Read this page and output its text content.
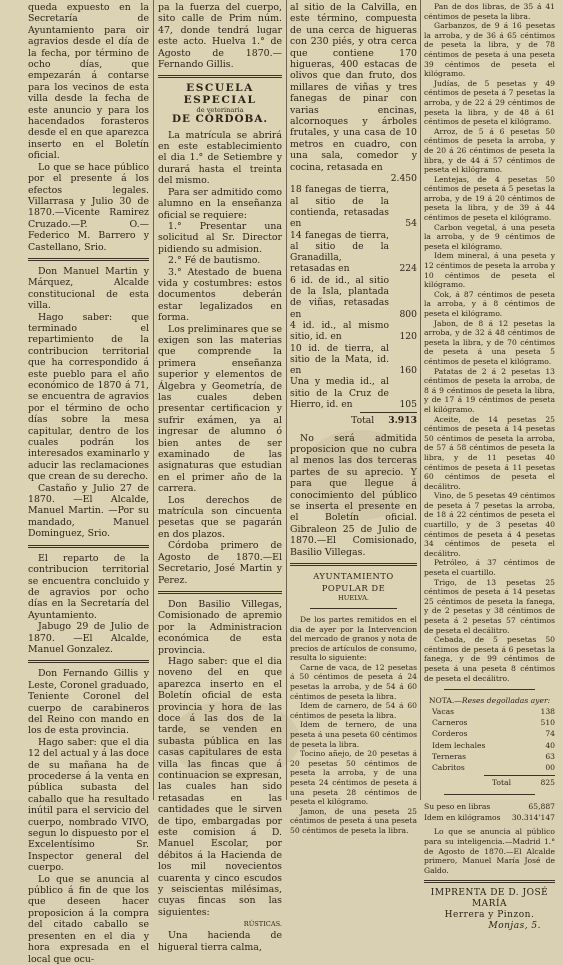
queda expuesto en la Secretaría de Ayuntamiento para oir agravios desde el día de la fecha, por término de ocho días, que empezarán á contarse para los vecinos de esta villa desde la fecha de este anuncio y para los hacendados forasteros desde el en que aparezca inserto en el Boletín oficial.

Lo que se hace público por el presente á los efectos legales. Villarrasa y Julio 30 de 1870.—Vicente Ramirez Cruzado.—P. O.—Federico M. Barrero y Castellano, Srio.

Don Manuel Martin y Márquez, Alcalde constitucional de esta villa.

Hago saber: que terminado el repartimiento de la contribucion territorial que ha correspondido á este pueblo para el año económico de 1870 á 71, se encuentra de agravios por el término de ocho días sobre la mesa capitular, dentro de los cuales podrán los interesados examinarlo y aducir las reclamaciones que crean de su derecho.

Castaño y Julio 27 de 1870. —El Alcalde, Manuel Martin. —Por su mandado, Manuel Dominguez, Srio.

El reparto de la contribucion territorial se encuentra concluido y de agravios por ocho días en la Secretaría del Ayuntamiento.

Jabugo 29 de Julio de 1870. —El Alcalde, Manuel Gonzalez.

Don Fernando Gillis y Leste, Coronel graduado, Teniente Coronel del cuerpo de carabineros del Reino con mando en los de esta provincia.

Hago saber: que el dia 12 del actual y á las doce de su mañana ha de procederse á la venta en pública subasta del caballo que ha resultado inútil para el servicio del cuerpo, nombrado VIVO, segun lo dispuesto por el Excelentísimo Sr. Inspector general del cuerpo.

Lo que se anuncia al público á fin de que los que deseen hacer proposicion á la compra del citado caballo se presenten en el dia y hora expresada en el local que ocu-

pa la fuerza del cuerpo, sito calle de Prim núm. 47, donde tendrá lugar este acto. Huelva 1.° de Agosto de 1870.—Fernando Gillis.

ESCUELA ESPECIAL
de veterinaria
DE CÓRDOBA.

La matrícula se abrirá en este establecimiento el dia 1.° de Setiembre y durará hasta el treinta del mismo.

Para ser admitido como alumno en la enseñanza oficial se requiere:

1.° Presentar una solicitud al Sr. Director pidiendo su admision.

2.° Fé de bautismo.

3.° Atestado de buena vida y costumbres: estos documentos deberán estar legalizados en forma.

Los preliminares que se exigen son las materias que comprende la primera enseñanza superior y elementos de Álgebra y Geometría, de las cuales deben presentar certificacion y sufrir exámen, ya al ingresar de alumno ó bien antes de ser examinado de las asignaturas que estudian en el primer año de la carrera.

Los derechos de matrícula son cincuenta pesetas que se pagarán en dos plazos.

Córdoba primero de Agosto de 1870.—El Secretario, José Martin y Perez.

Don Basilio Villegas, Comisionado de apremio por la Administracion económica de esta provincia.

Hago saber: que el dia noveno del en que aparezca inserto en el Boletín oficial de esta provincia y hora de las doce á las dos de la tarde, se venden en subasta pública en las casas capitulares de esta villa las fincas que á continuacion se expresan, las cuales han sido retasadas en las cantidades que le sirven de tipo, embargadas por este comision á D. Manuel Escolar, por débitos á la Hacienda de los mil novecientos cuarenta y cinco escudos y seiscientas milésimas, cuyas fincas son las siguientes:

RÚSTICAS.

Una hacienda de higueral tierra calma,

al sitio de la Calvilla, en este término, compuesta de una cerca de higueras con 230 piés, y otra cerca que contiene 170 higueras, 400 estacas de olivos que dan fruto, dos millares de viñas y tres fanegas de pinar con varias encinas, alcornoques y árboles frutales, y una casa de 10 metros en cuadro, con una sala, comedor y cocina, retasada en

	2.450
18 fanegas de tierra, al sitio de la contienda, retasadas en	54
14 fanegas de tierra, al sitio de la Granadilla, retasadas en	224
6 id. de id., al sitio de la Isla, plantada de viñas, retasadas en	800
4 id. id., al mismo sitio, id. en	120
10 id. de tierra, al sitio de la Mata, id. en	160
Una y media id., al sitio de la Cruz de Hierro, id. en	105
Total	3.913

No será admitida proposicion que no cubra al menos las dos terceras partes de su aprecio. Y para que llegue á conocimiento del público se inserta el presente en el Boletín oficial. Gibraleon 25 de Julio de 1870.—El Comisionado, Basilio Villegas.

AYUNTAMIENTO POPULAR DE
HUELVA.

De los partes remitidos en el dia de ayer por la Intervencion del mercado de granos y nota de precios de artículos de consumo, resulta lo siguiente:

Carne de vaca, de 12 pesetas á 50 céntimos de peseta á 24 pesetas la arroba, y de 54 á 60 céntimos de peseta la libra.

Idem de carnero, de 54 á 60 céntimos de peseta la libra.

Idem de ternero, de una peseta á una peseta 60 céntimos de peseta la libra.

Tocino añejo, de 20 pesetas á 20 pesetas 50 céntimos de peseta la arroba, y de una peseta 24 céntimos de peseta á una peseta 28 céntimos de peseta el kilógramo.

Jamon, de una peseta 25 céntimos de peseta á una peseta 50 céntimos de peseta la libra.

Pan de dos libras, de 35 á 41 céntimos de peseta la libra.

Garbanzos, de 9 á 16 pesetas la arroba, y de 36 á 65 céntimos de peseta la libra, y de 78 céntimos de peseta á una peseta 39 céntimos de peseta el kilógramo.

Judías, de 5 pesetas y 49 céntimos de peseta á 7 pesetas la arroba, y de 22 á 29 céntimos de peseta la libra, y de 48 á 61 céntimos de peseta el kilógramo.

Arroz, de 5 á 6 pesetas 50 céntimos de peseta la arroba, y de 20 á 26 céntimos de peseta la libra, y de 44 á 57 céntimos de peseta el kilógramo.

Lentejas, de 4 pesetas 50 céntimos de peseta á 5 pesetas la arroba, y de 19 á 20 céntimos de peseta la libra, y de 39 á 44 céntimos de peseta el kilógramo.

Carbon vegetal, á una peseta la arroba, y de 9 céntimos de peseta el kilógramo.

Idem mineral, á una peseta y 12 céntimos de peseta la arroba y 10 céntimos de peseta el kilógramo.

Cok, á 87 céntimos de peseta la arroba, y á 8 céntimos de peseta el kilógramo.

Jabon, de 8 á 12 pesetas la arroba, y de 32 á 48 céntimos de peseta la libra, y de 70 céntimos de peseta á una peseta 5 céntimos de peseta el kilógramo.

Patatas de 2 á 2 pesetas 13 céntimos de peseta la arroba, de 8 á 9 céntimos de peseta la libra, y de 17 á 19 céntimos de peseta el kilógramo.

Aceite, de 14 pesetas 25 céntimos de peseta á 14 pesetas 50 céntimos de peseta la arroba, de 57 á 58 céntimos de peseta la libra, y de 11 pesetas 40 céntimos de peseta á 11 pesetas 60 céntimos de peseta el decálitro.

Vino, de 5 pesetas 49 céntimos de peseta á 7 pesetas la arroba, de 18 á 22 céntimos de peseta el cuartillo, y de 3 pesetas 40 céntimos de peseta á 4 pesetas 34 céntimos de peseta el decálitro.

Petróleo, á 37 céntimos de peseta el cuartillo.

Trigo, de 13 pesetas 25 céntimos de peseta á 14 pesetas 25 céntimos de peseta la fanega, y de 2 pesetas y 38 céntimos de peseta á 2 pesetas 57 céntimos de peseta el decálitro.

Cebada, de 5 pesetas 50 céntimos de peseta á 6 pesetas la fanega, y de 99 céntimos de peseta á una peseta 8 céntimos de peseta el decálitro.

NOTA.—Reses degolladas ayer:
Vacas	138
Carneros	510
Corderos	74
Idem lechales	40
Terneras	63
Cabritos	00
Total	825
Su peso en libras	65,887
Idem en kilógramos	30.314'147

Lo que se anuncia al público para su inteligencia.—Madrid 1.° de Agosto de 1870.—El Alcalde primero, Manuel María José de Galdo.

IMPRENTA DE D. JOSÉ MARÍA
Herrera y Pinzon.
Monjas, 5.
